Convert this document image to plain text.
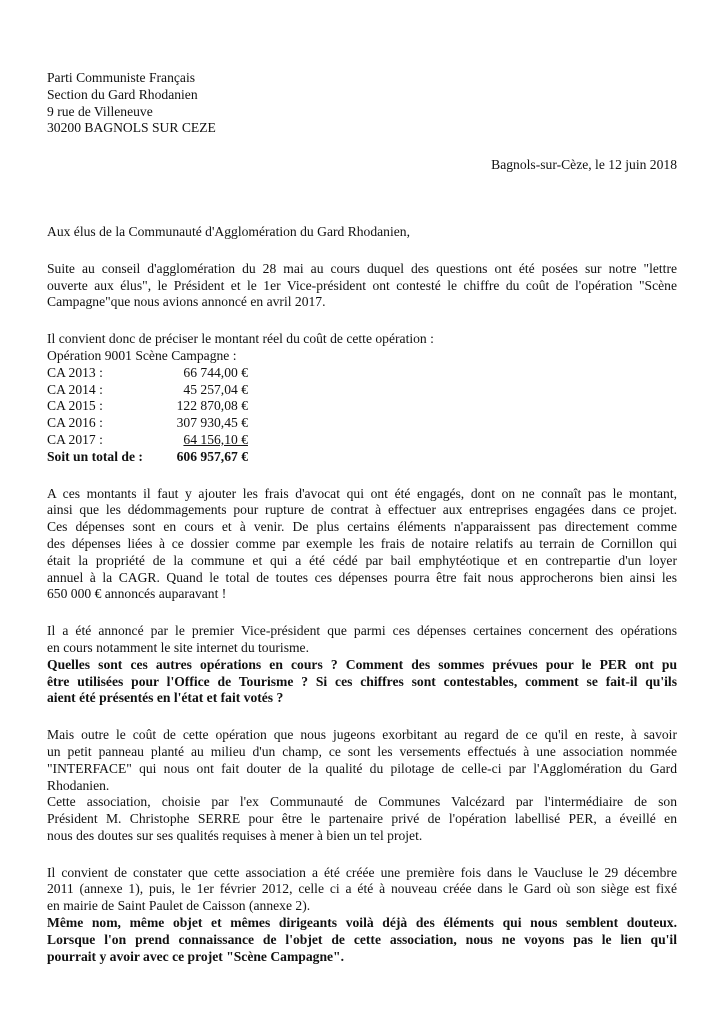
Parti Communiste Français
Section du Gard Rhodanien
9 rue de Villeneuve
30200 BAGNOLS SUR CEZE
Bagnols-sur-Cèze, le 12 juin 2018
Aux élus de la Communauté d'Agglomération du Gard Rhodanien,
Suite au conseil d'agglomération du 28 mai au cours duquel des questions ont été posées sur notre "lettre
ouverte aux élus", le Président et le 1er Vice-président ont contesté le chiffre du coût de l'opération "Scène
Campagne"que nous avions annoncé en avril 2017.
Il convient donc de préciser le montant réel du coût de cette opération :
Opération 9001 Scène Campagne :
CA 2013 :	66 744,00 €
CA 2014 :	45 257,04 €
CA 2015 :	122 870,08 €
CA 2016 :	307 930,45 €
CA 2017 :	64 156,10 €
Soit un total de :	606 957,67 €
A ces montants il faut y ajouter les frais d'avocat qui ont été engagés, dont on ne connaît pas le montant,
ainsi que les dédommagements pour rupture de contrat à effectuer aux entreprises engagées dans ce projet.
Ces dépenses sont en cours et à venir. De plus certains éléments n'apparaissent pas directement comme
des dépenses liées à ce dossier comme par exemple les frais de notaire relatifs au terrain de Cornillon qui
était la propriété de la commune et qui a été cédé par bail emphytéotique et en contrepartie d'un loyer
annuel à la CAGR. Quand le total de toutes ces dépenses pourra être fait nous approcherons bien ainsi les
650 000 € annoncés auparavant !
Il a été annoncé par le premier Vice-président que parmi ces dépenses certaines concernent des opérations
en cours notamment le site internet du tourisme.
Quelles sont ces autres opérations en cours ? Comment des sommes prévues pour le PER ont pu
être utilisées pour l'Office de Tourisme ? Si ces chiffres sont contestables, comment se fait-il qu'ils
aient été présentés en l'état et fait votés ?
Mais outre le coût de cette opération que nous jugeons exorbitant au regard de ce qu'il en reste, à savoir
un petit panneau planté au milieu d'un champ, ce sont les versements effectués à une association nommée
"INTERFACE" qui nous ont fait douter de la qualité du pilotage de celle-ci par l'Agglomération du Gard
Rhodanien.
Cette association, choisie par l'ex Communauté de Communes Valcézard par l'intermédiaire de son
Président M. Christophe SERRE pour être le partenaire privé de l'opération labellisé PER, a éveillé en
nous des doutes sur ses qualités requises à mener à bien un tel projet.
Il convient de constater que cette association a été créée une première fois dans le Vaucluse le 29 décembre
2011 (annexe 1), puis, le 1er février 2012, celle ci a été à nouveau créée dans le Gard où son siège est fixé
en mairie de Saint Paulet de Caisson (annexe 2).
Même nom, même objet et mêmes dirigeants voilà déjà des éléments qui nous semblent douteux.
Lorsque l'on prend connaissance de l'objet de cette association, nous ne voyons pas le lien qu'il
pourrait y avoir avec ce projet "Scène Campagne".
